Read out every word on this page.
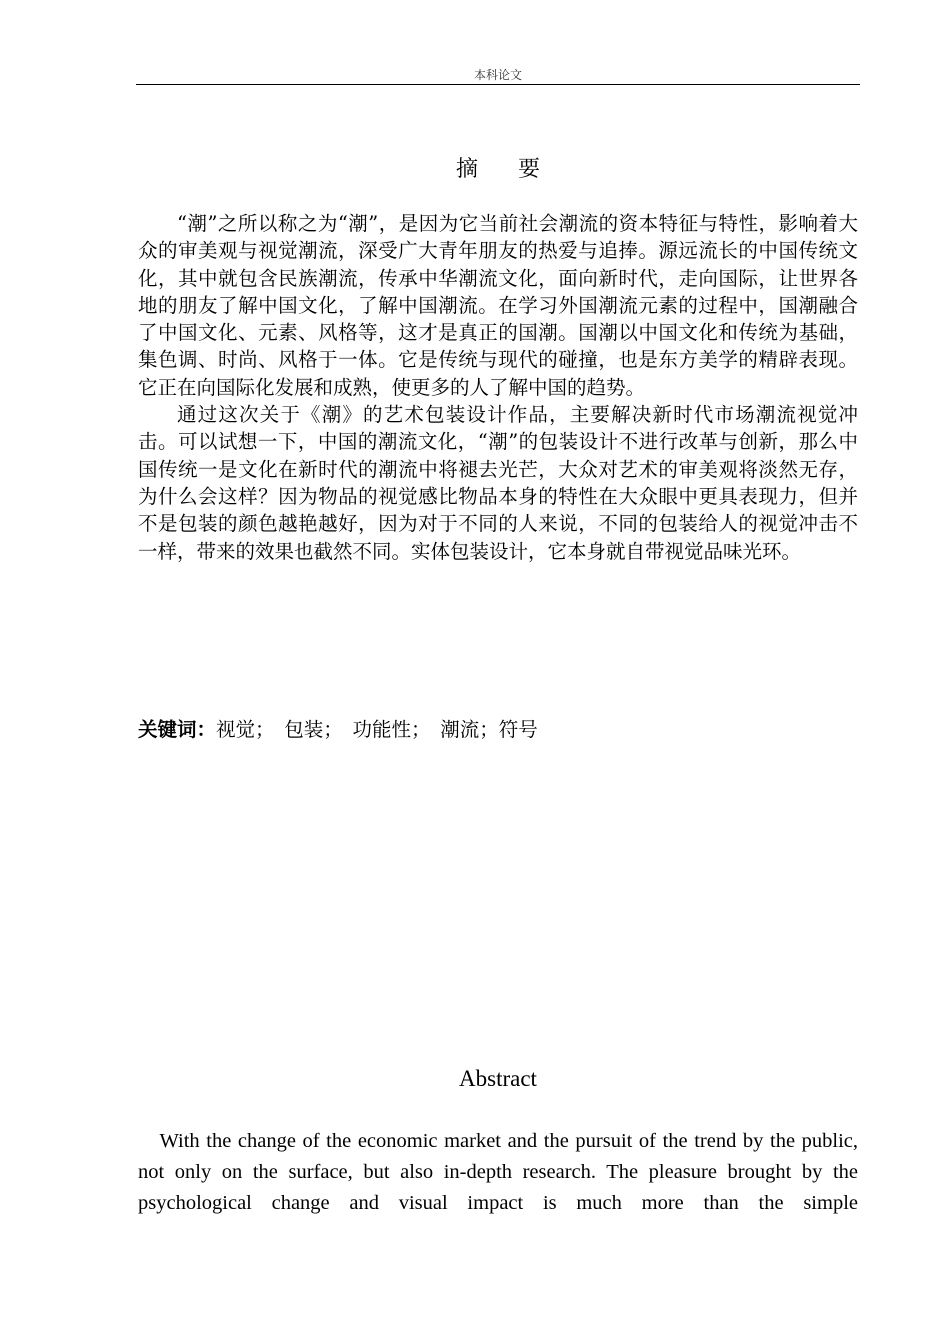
本科论文
摘要

“潮”之所以称之为“潮”，是因为它当前社会潮流的资本特征与特性，影响着大众的审美观与视觉潮流，深受广大青年朋友的热爱与追捧。源远流长的中国传统文化，其中就包含民族潮流，传承中华潮流文化，面向新时代，走向国际，让世界各地的朋友了解中国文化，了解中国潮流。在学习外国潮流元素的过程中，国潮融合了中国文化、元素、风格等，这才是真正的国潮。国潮以中国文化和传统为基础，集色调、时尚、风格于一体。它是传统与现代的碰撞，也是东方美学的精辟表现。它正在向国际化发展和成熟，使更多的人了解中国的趋势。

通过这次关于《潮》的艺术包装设计作品，主要解决新时代市场潮流视觉冲击。可以试想一下，中国的潮流文化，“潮”的包装设计不进行改革与创新，那么中国传统一是文化在新时代的潮流中将褪去光芒，大众对艺术的审美观将淡然无存，为什么会这样？因为物品的视觉感比物品本身的特性在大众眼中更具表现力，但并不是包装的颜色越艳越好，因为对于不同的人来说，不同的包装给人的视觉冲击不一样，带来的效果也截然不同。实体包装设计，它本身就自带视觉品味光环。

关键词：视觉；　包装；　功能性；　潮流；符号
Abstract

With the change of the economic market and the pursuit of the trend by the public, not only on the surface, but also in-depth research. The pleasure brought by the psychological change and visual impact is much more than the simple
